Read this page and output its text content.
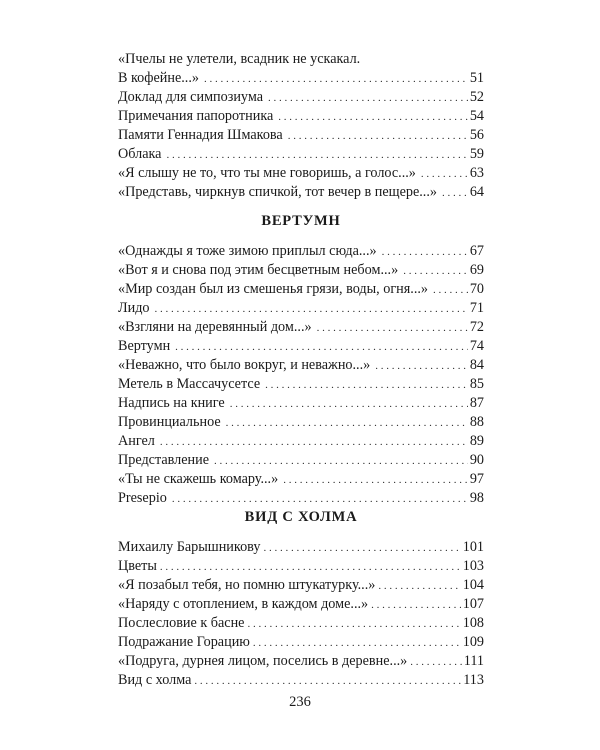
«Пчелы не улетели, всадник не ускакал.
В кофейне...» . . .	51
Доклад для симпозиума . . .	52
Примечания папоротника . . .	54
Памяти Геннадия Шмакова . . .	56
Облака . . .	59
«Я слышу не то, что ты мне говоришь, а голос...» . . .	63
«Представь, чиркнув спичкой, тот вечер в пещере...» . . . 64
ВЕРТУМН
«Однажды я тоже зимою приплыл сюда...» . . .	67
«Вот я и снова под этим бесцветным небом...» . . .	69
«Мир создан был из смешенья грязи, воды, огня...» . . .	70
Лидо . . .	71
«Взгляни на деревянный дом...» . . .	72
Вертумн . . .	74
«Неважно, что было вокруг, и неважно...» . . .	84
Метель в Массачусетсе . . .	85
Надпись на книге . . .	87
Провинциальное . . .	88
Ангел . . .	89
Представление . . .	90
«Ты не скажешь комару...» . . .	97
Presepio . . .	98
ВИД С ХОЛМА
Михаилу Барышникову . . .	101
Цветы . . .	103
«Я позабыл тебя, но помню штукатурку...» . . .	104
«Наряду с отоплением, в каждом доме...» . . .	107
Послесловие к басне . . .	108
Подражание Горацию . . .	109
«Подруга, дурнея лицом, поселись в деревне...» . . .	111
Вид с холма . . .	113
236
